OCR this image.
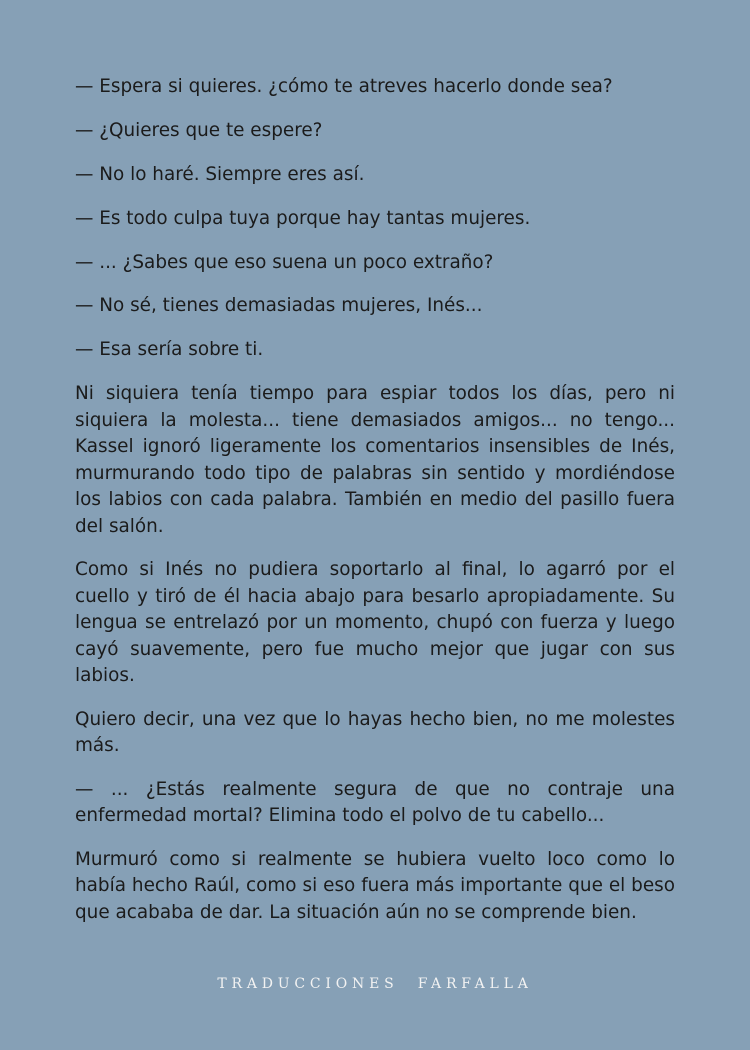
— Espera si quieres. ¿cómo te atreves hacerlo donde sea?

— ¿Quieres que te espere?

— No lo haré. Siempre eres así.

— Es todo culpa tuya porque hay tantas mujeres.

— ... ¿Sabes que eso suena un poco extraño?

— No sé, tienes demasiadas mujeres, Inés...

— Esa sería sobre ti.

Ni siquiera tenía tiempo para espiar todos los días, pero ni siquiera la molesta... tiene demasiados amigos... no tengo... Kassel ignoró ligeramente los comentarios insensibles de Inés, murmurando todo tipo de palabras sin sentido y mordiéndose los labios con cada palabra. También en medio del pasillo fuera del salón.

Como si Inés no pudiera soportarlo al final, lo agarró por el cuello y tiró de él hacia abajo para besarlo apropiadamente. Su lengua se entrelazó por un momento, chupó con fuerza y luego cayó suavemente, pero fue mucho mejor que jugar con sus labios.

Quiero decir, una vez que lo hayas hecho bien, no me molestes más.

— ... ¿Estás realmente segura de que no contraje una enfermedad mortal? Elimina todo el polvo de tu cabello...

Murmuró como si realmente se hubiera vuelto loco como lo había hecho Raúl, como si eso fuera más importante que el beso que acababa de dar. La situación aún no se comprende bien.

TRADUCCIONES FARFALLA
